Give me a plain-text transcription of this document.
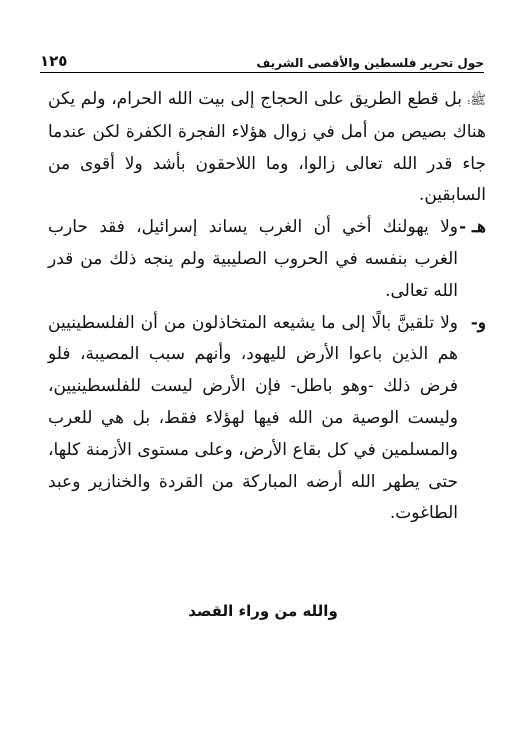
حول تحرير فلسطين والأقصى الشريف
١٢٥

ﷺ؛ بل قطع الطريق على الحجاج إلى بيت الله الحرام، ولم يكن هناك بصيص من أمل في زوال هؤلاء الفجرة الكفرة لكن عندما جاء قدر الله تعالى زالوا، وما اللاحقون بأشد ولا أقوى من السابقين.

هـ -
ولا يهولنك أخي أن الغرب يساند إسرائيل، فقد حارب الغرب بنفسه في الحروب الصليبية ولم ينجه ذلك من قدر الله تعالى.

و-
ولا تلقينَّ بالًا إلى ما يشيعه المتخاذلون من أن الفلسطينيين هم الذين باعوا الأرض لليهود، وأنهم سبب المصيبة، فلو فرض ذلك -وهو باطل- فإن الأرض ليست للفلسطينيين، وليست الوصية من الله فيها لهؤلاء فقط، بل هي للعرب والمسلمين في كل بقاع الأرض، وعلى مستوى الأزمنة كلها، حتى يطهر الله أرضه المباركة من القردة والخنازير وعبد الطاغوت.

والله من وراء القصد
